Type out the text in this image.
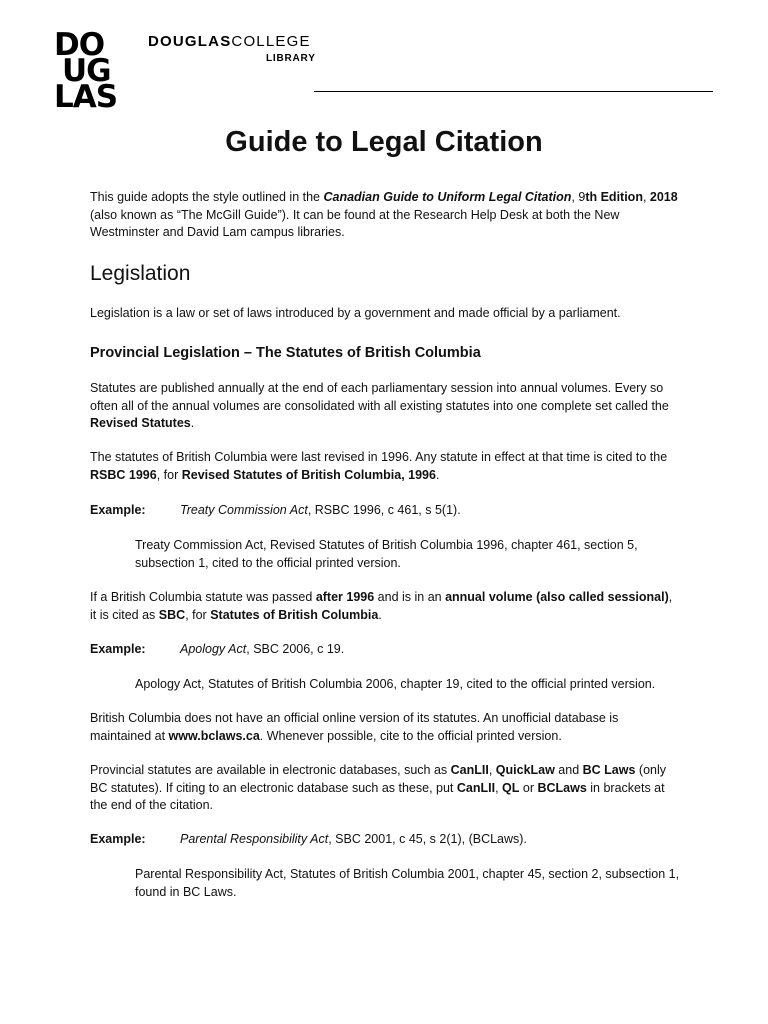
DO
UG
LAS
DOUGLASCOLLEGE
LIBRARY
Guide to Legal Citation

This guide adopts the style outlined in the Canadian Guide to Uniform Legal Citation, 9th Edition, 2018 (also known as “The McGill Guide”). It can be found at the Research Help Desk at both the New Westminster and David Lam campus libraries.

Legislation

Legislation is a law or set of laws introduced by a government and made official by a parliament.

Provincial Legislation – The Statutes of British Columbia

Statutes are published annually at the end of each parliamentary session into annual volumes. Every so often all of the annual volumes are consolidated with all existing statutes into one complete set called the Revised Statutes.

The statutes of British Columbia were last revised in 1996. Any statute in effect at that time is cited to the RSBC 1996, for Revised Statutes of British Columbia, 1996.

Example:	Treaty Commission Act, RSBC 1996, c 461, s 5(1).

Treaty Commission Act, Revised Statutes of British Columbia 1996, chapter 461, section 5, subsection 1, cited to the official printed version.

If a British Columbia statute was passed after 1996 and is in an annual volume (also called sessional), it is cited as SBC, for Statutes of British Columbia.

Example:	Apology Act, SBC 2006, c 19.

Apology Act, Statutes of British Columbia 2006, chapter 19, cited to the official printed version.

British Columbia does not have an official online version of its statutes. An unofficial database is maintained at www.bclaws.ca. Whenever possible, cite to the official printed version.

Provincial statutes are available in electronic databases, such as CanLII, QuickLaw and BC Laws (only BC statutes). If citing to an electronic database such as these, put CanLII, QL or BCLaws in brackets at the end of the citation.

Example:	Parental Responsibility Act, SBC 2001, c 45, s 2(1), (BCLaws).

Parental Responsibility Act, Statutes of British Columbia 2001, chapter 45, section 2, subsection 1, found in BC Laws.
